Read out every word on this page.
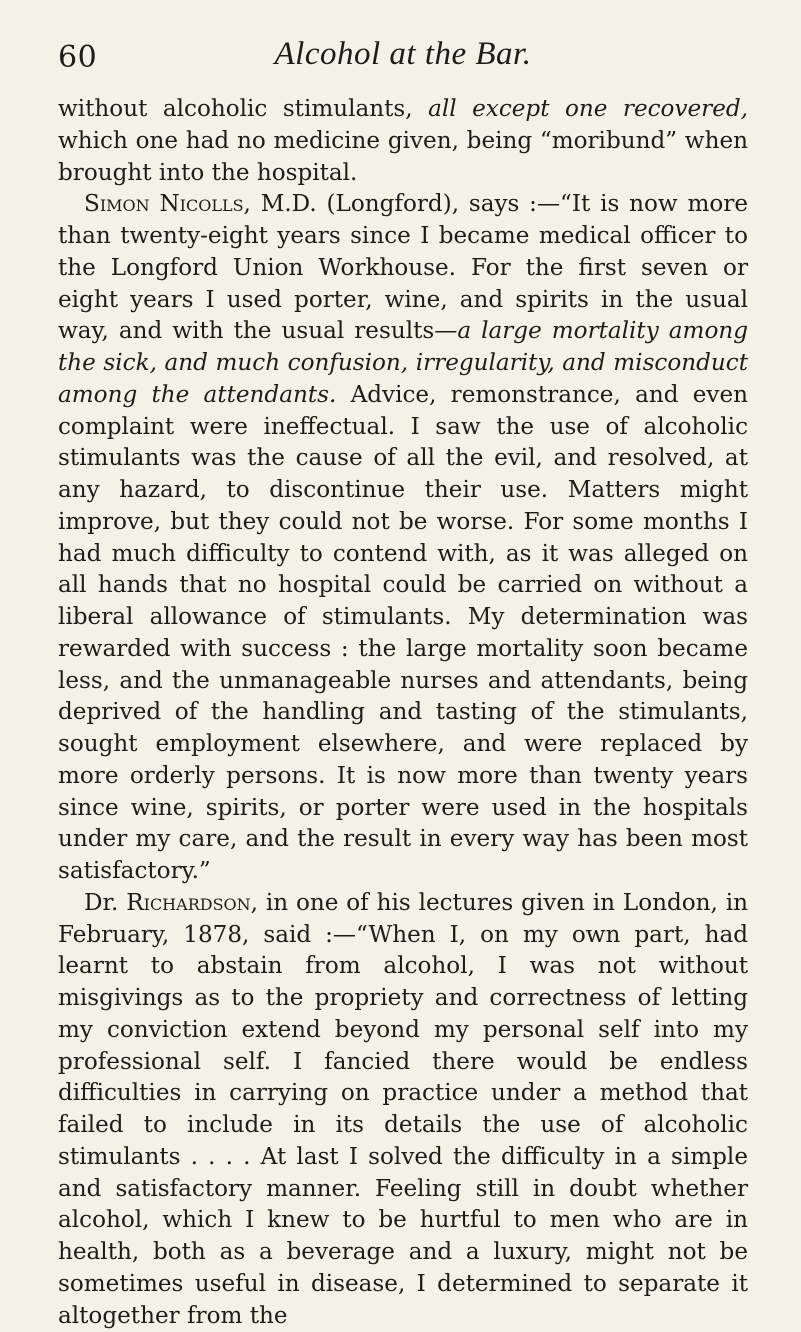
60	Alcohol at the Bar.

without alcoholic stimulants, all except one recovered, which one had no medicine given, being “moribund” when brought into the hospital.

Simon Nicolls, M.D. (Longford), says :—“It is now more than twenty-eight years since I became medical officer to the Longford Union Workhouse. For the first seven or eight years I used porter, wine, and spirits in the usual way, and with the usual results—a large mortality among the sick, and much confusion, irregularity, and misconduct among the attendants. Advice, remonstrance, and even complaint were ineffectual. I saw the use of alcoholic stimulants was the cause of all the evil, and resolved, at any hazard, to discontinue their use. Matters might improve, but they could not be worse. For some months I had much difficulty to contend with, as it was alleged on all hands that no hospital could be carried on without a liberal allowance of stimulants. My determination was rewarded with success : the large mortality soon became less, and the unmanageable nurses and attendants, being deprived of the handling and tasting of the stimulants, sought employment elsewhere, and were replaced by more orderly persons. It is now more than twenty years since wine, spirits, or porter were used in the hospitals under my care, and the result in every way has been most satisfactory.”

Dr. Richardson, in one of his lectures given in London, in February, 1878, said :—“When I, on my own part, had learnt to abstain from alcohol, I was not without misgivings as to the propriety and correctness of letting my conviction extend beyond my personal self into my professional self. I fancied there would be endless difficulties in carrying on practice under a method that failed to include in its details the use of alcoholic stimulants . . . . At last I solved the difficulty in a simple and satisfactory manner. Feeling still in doubt whether alcohol, which I knew to be hurtful to men who are in health, both as a beverage and a luxury, might not be sometimes useful in disease, I determined to separate it altogether from the
